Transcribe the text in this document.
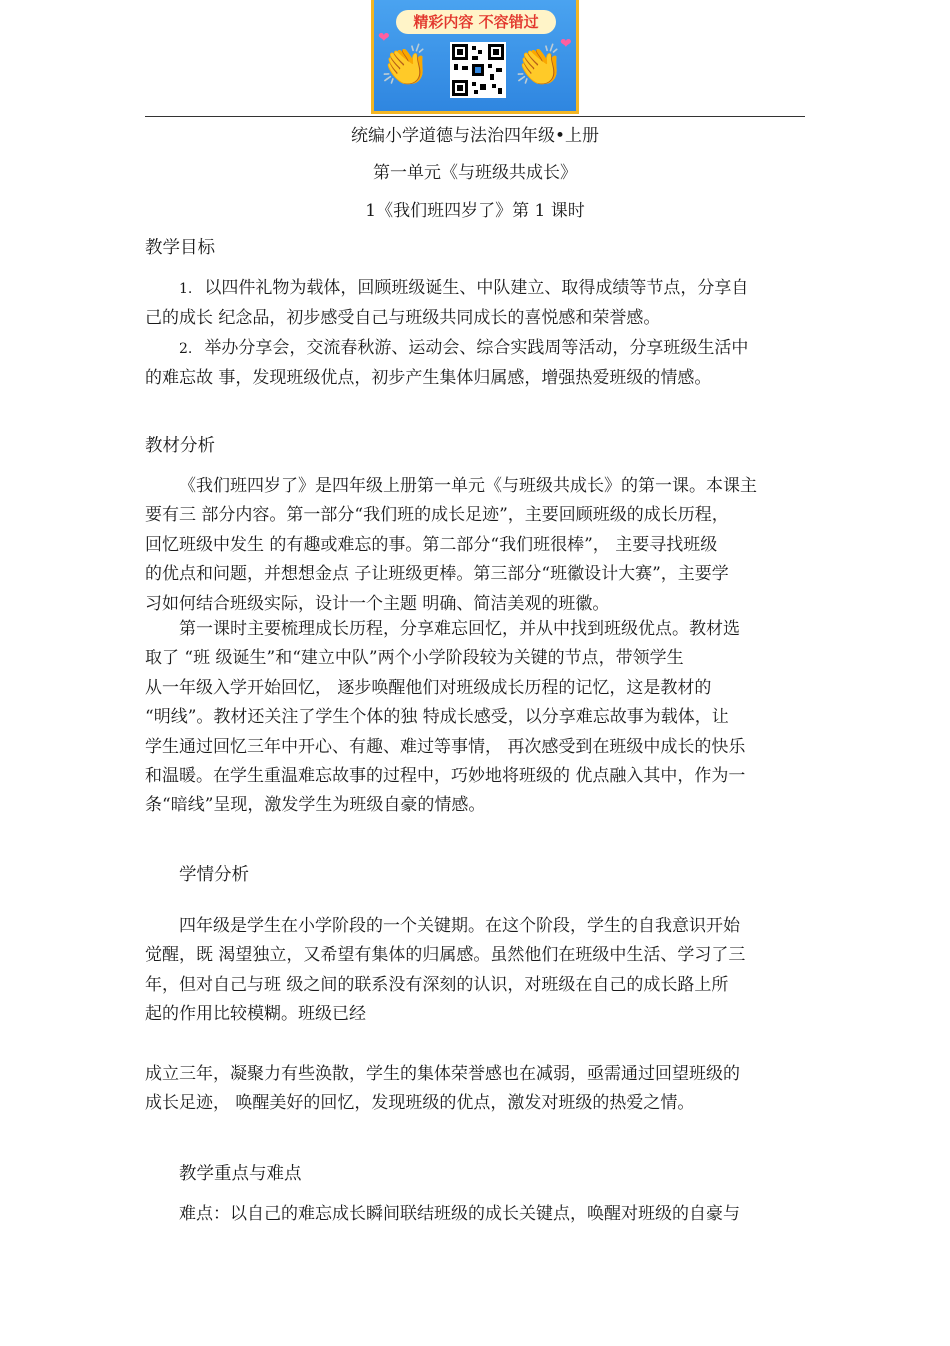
精彩内容 不容错过
❤	❤
👏 👏
统编小学道德与法治四年级•上册
第一单元《与班级共成长》
1《我们班四岁了》第 1 课时
教学目标
1. 以四件礼物为载体，回顾班级诞生、中队建立、取得成绩等节点，分享自
己的成长 纪念品，初步感受自己与班级共同成长的喜悦感和荣誉感。
2. 举办分享会，交流春秋游、运动会、综合实践周等活动，分享班级生活中
的难忘故 事，发现班级优点，初步产生集体归属感，增强热爱班级的情感。
教材分析
《我们班四岁了》是四年级上册第一单元《与班级共成长》的第一课。本课主
要有三 部分内容。第一部分“我们班的成长足迹”，主要回顾班级的成长历程，
回忆班级中发生 的有趣或难忘的事。第二部分“我们班很棒”， 主要寻找班级
的优点和问题，并想想金点 子让班级更棒。第三部分“班徽设计大赛”，主要学
习如何结合班级实际，设计一个主题 明确、简洁美观的班徽。
第一课时主要梳理成长历程，分享难忘回忆，并从中找到班级优点。教材选
取了 “班 级诞生”和“建立中队”两个小学阶段较为关键的节点，带领学生
从一年级入学开始回忆， 逐步唤醒他们对班级成长历程的记忆，这是教材的
“明线”。教材还关注了学生个体的独 特成长感受，以分享难忘故事为载体，让
学生通过回忆三年中开心、有趣、难过等事情， 再次感受到在班级中成长的快乐
和温暖。在学生重温难忘故事的过程中，巧妙地将班级的 优点融入其中，作为一
条“暗线”呈现，激发学生为班级自豪的情感。
学情分析
四年级是学生在小学阶段的一个关键期。在这个阶段，学生的自我意识开始
觉醒，既 渴望独立，又希望有集体的归属感。虽然他们在班级中生活、学习了三
年，但对自己与班 级之间的联系没有深刻的认识，对班级在自己的成长路上所
起的作用比较模糊。班级已经
成立三年，凝聚力有些涣散，学生的集体荣誉感也在减弱，亟需通过回望班级的
成长足迹， 唤醒美好的回忆，发现班级的优点，激发对班级的热爱之情。
教学重点与难点
难点：以自己的难忘成长瞬间联结班级的成长关键点，唤醒对班级的自豪与
